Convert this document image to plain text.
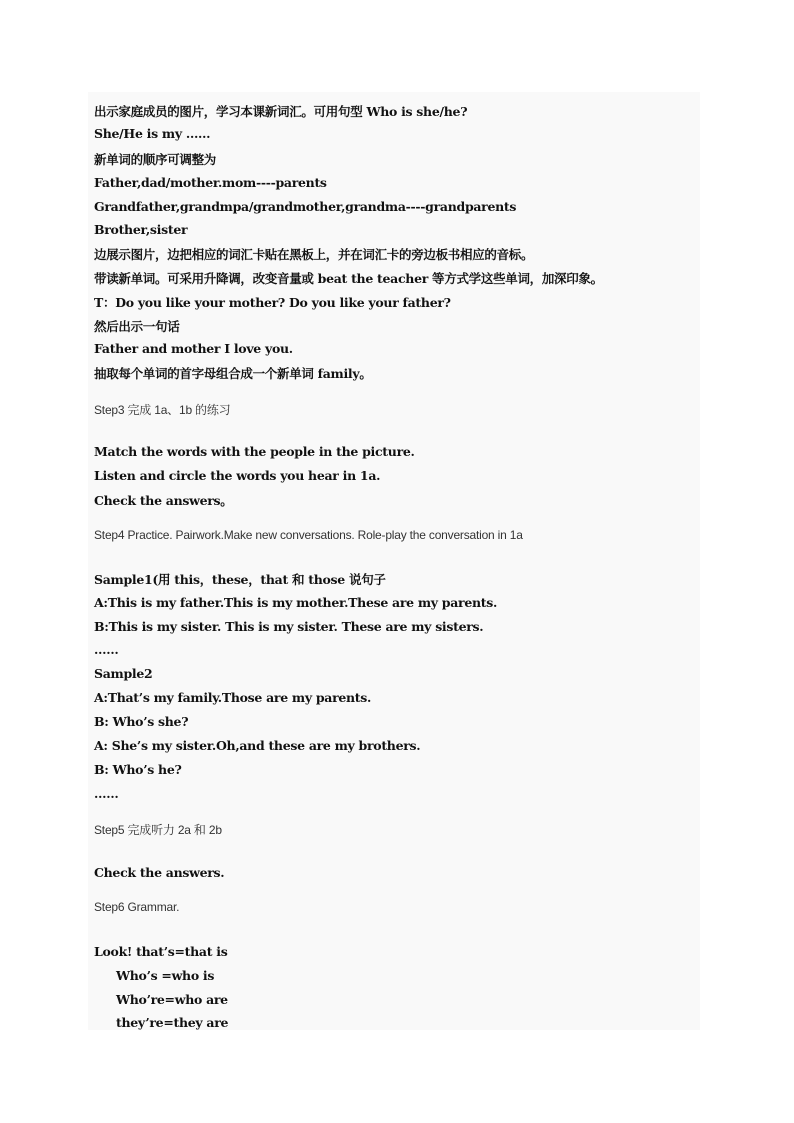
出示家庭成员的图片，学习本课新词汇。可用句型 Who is she/he?
She/He is my ……
新单词的顺序可调整为
Father,dad/mother.mom----parents
Grandfather,grandmpa/grandmother,grandma----grandparents
Brother,sister
边展示图片，边把相应的词汇卡贴在黑板上，并在词汇卡的旁边板书相应的音标。
带读新单词。可采用升降调，改变音量或 beat the teacher 等方式学这些单词，加深印象。
T：Do you like your mother? Do you like your father?
然后出示一句话
Father and mother I love you.
抽取每个单词的首字母组合成一个新单词 family。
Step3 完成 1a、1b 的练习
Match the words with the people in the picture.
Listen and circle the words you hear in 1a.
Check the answers。
Step4 Practice. Pairwork.Make new conversations. Role-play the conversation in 1a
Sample1(用 this，these，that 和 those 说句子
A:This is my father.This is my mother.These are my parents.
B:This is my sister. This is my sister. These are my sisters.
……
Sample2
A:That’s my family.Those are my parents.
B: Who’s she?
A: She’s my sister.Oh,and these are my brothers.
B: Who’s he?
……
Step5 完成听力 2a 和 2b
Check the answers.
Step6 Grammar.
Look! that’s=that is
Who’s =who is
Who’re=who are
they’re=they are
